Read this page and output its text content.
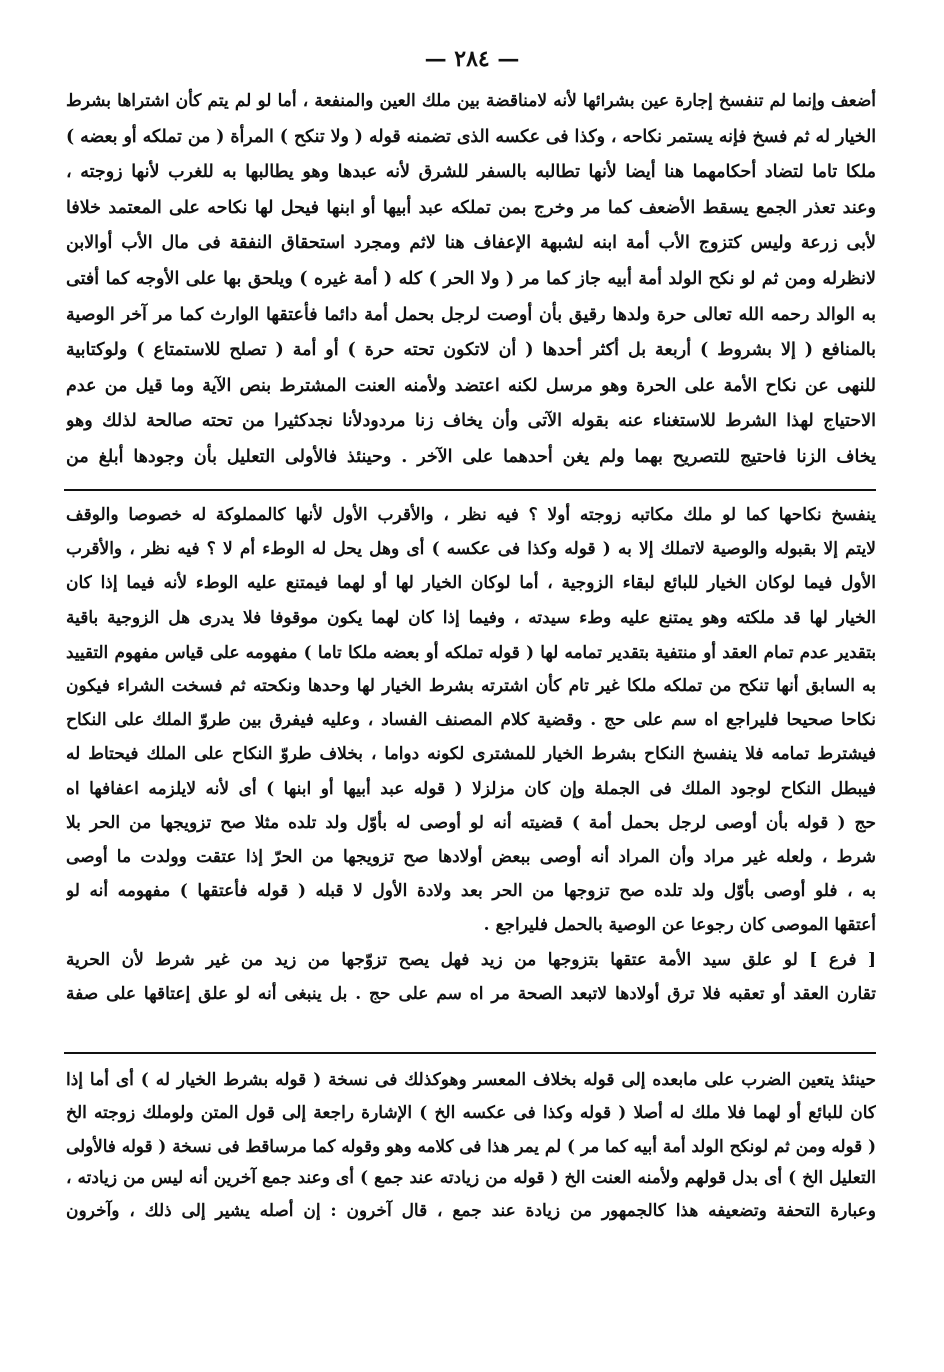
— ٢٨٤ —
أضعف وإنما لم تنفسخ إجارة عين بشرائها لأنه لامناقضة بين ملك العين والمنفعة ، أما لو لم يتم كأن اشتراها بشرط
الخيار له ثم فسخ فإنه يستمر نكاحه ، وكذا فى عكسه الذى تضمنه قوله ( ولا تنكح ) المرأة ( من تملكه أو بعضه )
ملكا تاما لتضاد أحكامهما هنا أيضا لأنها تطالبه بالسفر للشرق لأنه عبدها وهو يطالبها به للغرب لأنها زوجته ،
وعند تعذر الجمع يسقط الأضعف كما مر وخرج بمن تملكه عبد أبيها أو ابنها فيحل لها نكاحه على المعتمد خلافا
لأبى زرعة وليس كتزوج الأب أمة ابنه لشبهة الإعفاف هنا لاثم ومجرد استحقاق النفقة فى مال الأب أوالابن
لانظرله ومن ثم لو نكح الولد أمة أبيه جاز كما مر ( ولا الحر ) كله ( أمة غيره ) ويلحق بها على الأوجه كما أفتى
به الوالد رحمه الله تعالى حرة ولدها رقيق بأن أوصت لرجل بحمل أمة دائما فأعتقها الوارث كما مر آخر الوصية
بالمنافع ( إلا بشروط ) أربعة بل أكثر أحدها ( أن لاتكون تحته حرة ) أو أمة ( تصلح للاستمتاع ) ولوكتابية
للنهى عن نكاح الأمة على الحرة وهو مرسل لكنه اعتضد ولأمنه العنت المشترط بنص الآية وما قيل من عدم
الاحتياج لهذا الشرط للاستغناء عنه بقوله الآتى وأن يخاف زنا مردودلأنا نجدكثيرا من تحته صالحة لذلك وهو
يخاف الزنا فاحتيج للتصريح بهما ولم يغن أحدهما على الآخر . وحينئذ فالأولى التعليل بأن وجودها أبلغ من
ينفسخ نكاحها كما لو ملك مكاتبه زوجته أولا ؟ فيه نظر ، والأقرب الأول لأنها كالمملوكة له خصوصا والوقف
لايتم إلا بقبوله والوصية لاتملك إلا به ( قوله وكذا فى عكسه ) أى وهل يحل له الوطء أم لا ؟ فيه نظر ، والأقرب
الأول فيما لوكان الخيار للبائع لبقاء الزوجية ، أما لوكان الخيار لها أو لهما فيمتنع عليه الوطء لأنه فيما إذا كان
الخيار لها قد ملكته وهو يمتنع عليه وطء سيدته ، وفيما إذا كان لهما يكون موقوفا فلا يدرى هل الزوجية باقية
بتقدير عدم تمام العقد أو منتفية بتقدير تمامه لها ( قوله تملكه أو بعضه ملكا تاما ) مفهومه على قياس مفهوم التقييد
به السابق أنها تنكح من تملكه ملكا غير تام كأن اشترته بشرط الخيار لها وحدها ونكحته ثم فسخت الشراء فيكون
نكاحا صحيحا فليراجع اه سم على حج . وقضية كلام المصنف الفساد ، وعليه فيفرق بين طروّ الملك على النكاح
فيشترط تمامه فلا ينفسخ النكاح بشرط الخيار للمشترى لكونه دواما ، بخلاف طروّ النكاح على الملك فيحتاط له
فيبطل النكاح لوجود الملك فى الجملة وإن كان مزلزلا ( قوله عبد أبيها أو ابنها ) أى لأنه لايلزمه اعفافها اه
حج ( قوله بأن أوصى لرجل بحمل أمة ) قضيته أنه لو أوصى له بأوّل ولد تلده مثلا صح تزويجها من الحر بلا
شرط ، ولعله غير مراد وأن المراد أنه أوصى ببعض أولادها صح تزويجها من الحرّ إذا عتقت وولدت ما أوصى
به ، فلو أوصى بأوّل ولد تلده صح تزوجها من الحر بعد ولادة الأول لا قبله ( قوله فأعتقها ) مفهومه أنه لو
أعتقها الموصى كان رجوعا عن الوصية بالحمل فليراجع .
[ فرع ] لو علق سيد الأمة عتقها بتزوجها من زيد فهل يصح تزوّجها من زيد من غير شرط لأن الحرية
تقارن العقد أو تعقبه فلا ترق أولادها لاتبعد الصحة مر اه سم على حج . بل ينبغى أنه لو علق إعتاقها على صفة
حينئذ يتعين الضرب على مابعده إلى قوله بخلاف المعسر وهوكذلك فى نسخة ( قوله بشرط الخيار له ) أى أما إذا
كان للبائع أو لهما فلا ملك له أصلا ( قوله وكذا فى عكسه الخ ) الإشارة راجعة إلى قول المتن ولوملك زوجته الخ
( قوله ومن ثم لونكح الولد أمة أبيه كما مر ) لم يمر هذا فى كلامه وهو وقوله كما مرساقط فى نسخة ( قوله فالأولى
التعليل الخ ) أى بدل قولهم ولأمنه العنت الخ ( قوله من زيادته عند جمع ) أى وعند جمع آخرين أنه ليس من زيادته ،
وعبارة التحفة وتضعيفه هذا كالجمهور من زيادة عند جمع ، قال آخرون : إن أصله يشير إلى ذلك ، وآخرون
